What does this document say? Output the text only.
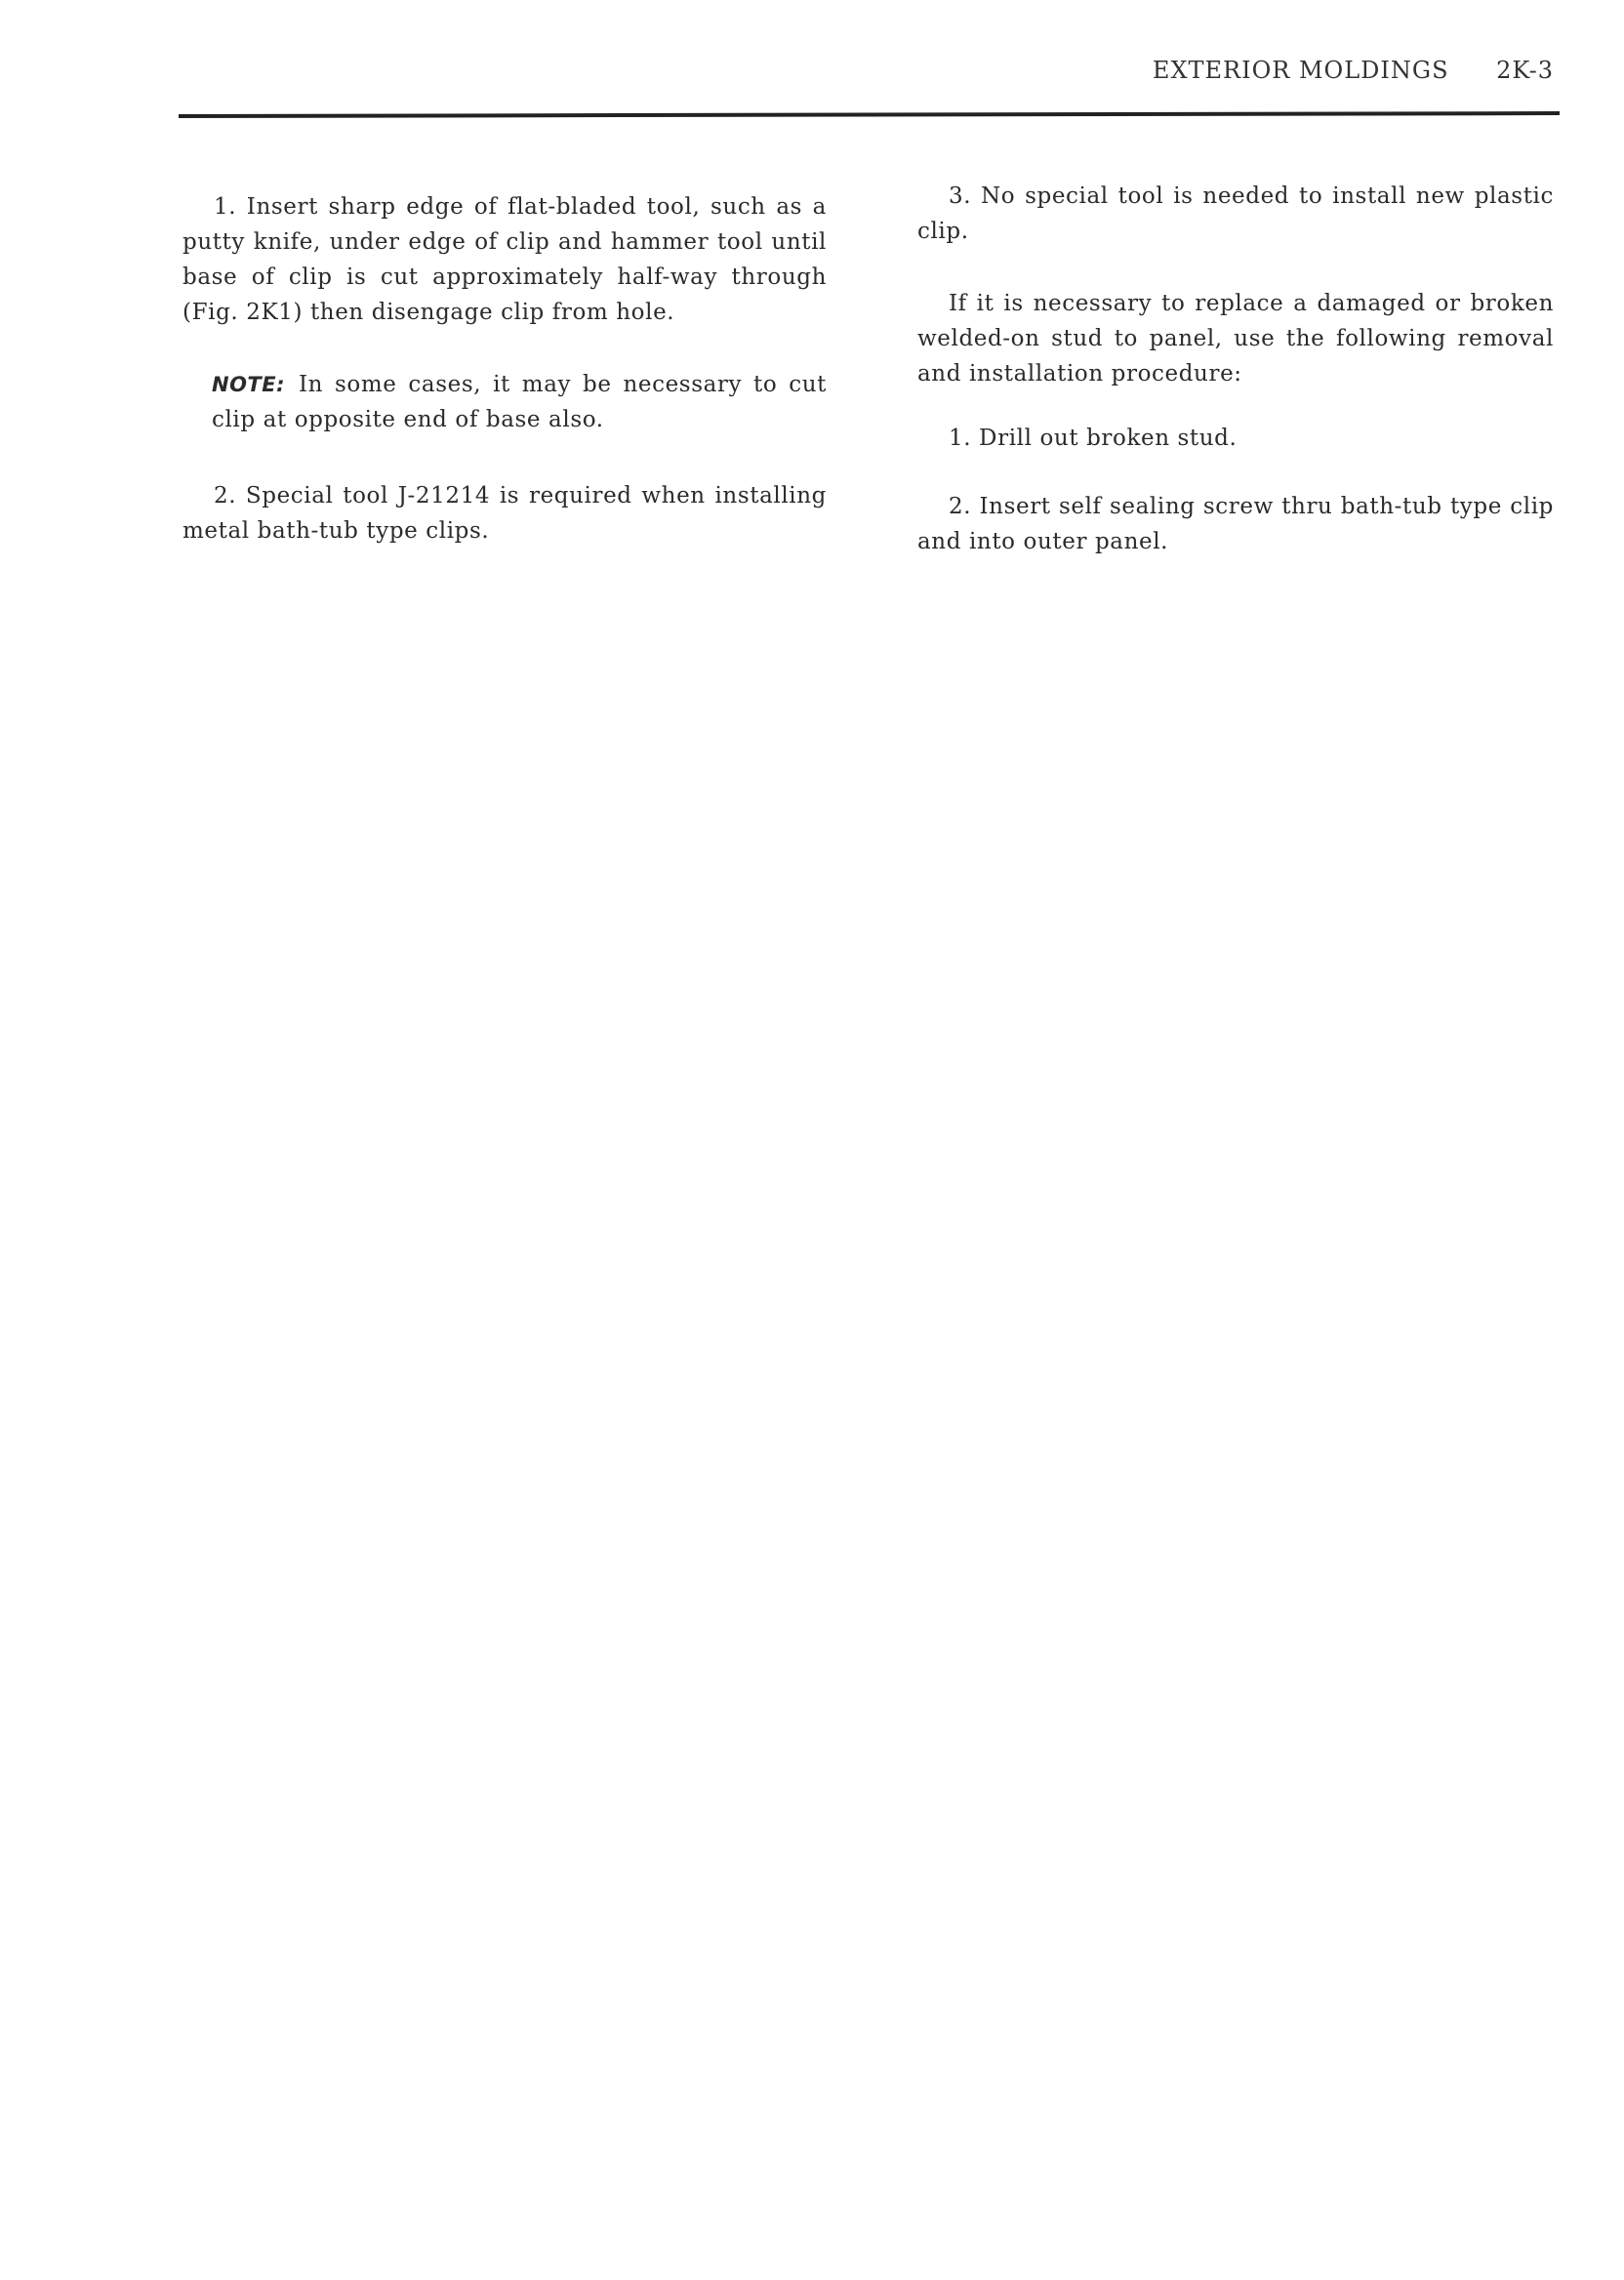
EXTERIOR MOLDINGS 2K-3

1. Insert sharp edge of flat-bladed tool, such as a putty knife, under edge of clip and hammer tool until base of clip is cut approximately half-way through (Fig. 2K1) then disengage clip from hole.

NOTE: In some cases, it may be necessary to cut clip at opposite end of base also.

2. Special tool J-21214 is required when installing metal bath-tub type clips.

3. No special tool is needed to install new plastic clip.

If it is necessary to replace a damaged or broken welded-on stud to panel, use the following removal and installation procedure:

1. Drill out broken stud.

2. Insert self sealing screw thru bath-tub type clip and into outer panel.
